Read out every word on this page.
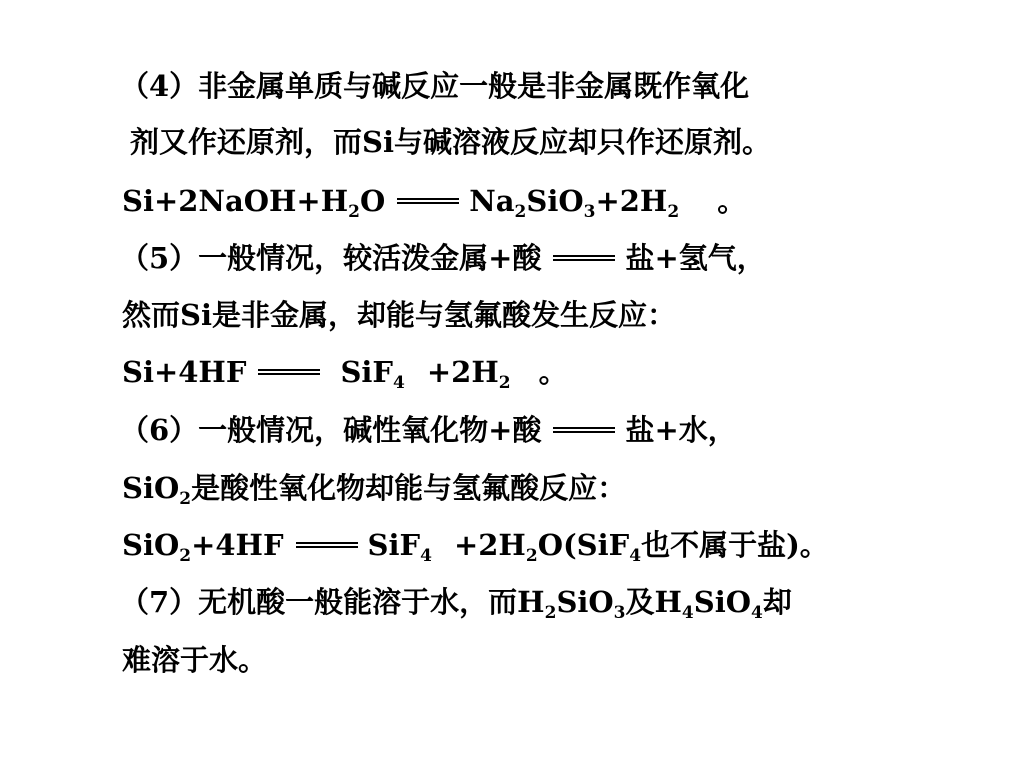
（4）非金属单质与碱反应一般是非金属既作氧化
剂又作还原剂，而Si与碱溶液反应却只作还原剂。
$Si+2NaOH+H_2O$	$Na_2SiO_3+2H_2$ 。
（5）一般情况，较活泼金属+酸	盐+氢气，
然而Si是非金属，却能与氢氟酸发生反应：
Si+4HF	$SiF_4 +2H_2$ 。
（6）一般情况，碱性氧化物+酸	盐+水，
SiO$_2$是酸性氧化物却能与氢氟酸反应：
SiO$_2$+4HF	$SiF_4 +2H_2O(SiF_4$也不属于盐)。
（7）无机酸一般能溶于水，而$H_2SiO_3$及$H_4SiO_4$却
难溶于水。
